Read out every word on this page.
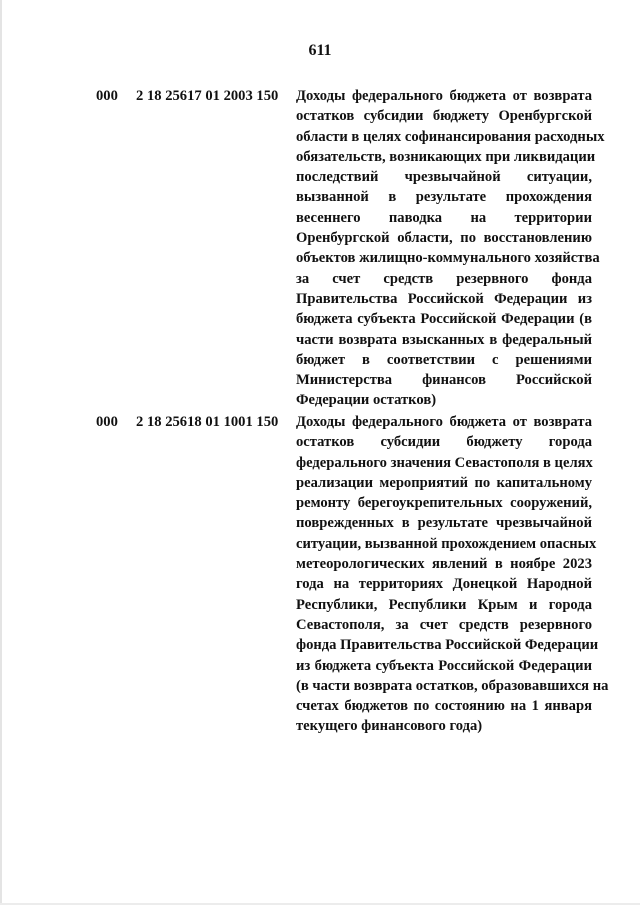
611
000 2 18 25617 01 2003 150 Доходы федерального бюджета от возврата
остатков субсидии бюджету Оренбургской
области в целях софинансирования расходных
обязательств, возникающих при ликвидации
последствий чрезвычайной ситуации,
вызванной в результате прохождения
весеннего паводка на территории
Оренбургской области, по восстановлению
объектов жилищно-коммунального хозяйства
за счет средств резервного фонда
Правительства Российской Федерации из
бюджета субъекта Российской Федерации (в
части возврата взысканных в федеральный
бюджет в соответствии с решениями
Министерства финансов Российской
Федерации остатков)
000 2 18 25618 01 1001 150 Доходы федерального бюджета от возврата
остатков субсидии бюджету города
федерального значения Севастополя в целях
реализации мероприятий по капитальному
ремонту берегоукрепительных сооружений,
поврежденных в результате чрезвычайной
ситуации, вызванной прохождением опасных
метеорологических явлений в ноябре 2023
года на территориях Донецкой Народной
Республики, Республики Крым и города
Севастополя, за счет средств резервного
фонда Правительства Российской Федерации
из бюджета субъекта Российской Федерации
(в части возврата остатков, образовавшихся на
счетах бюджетов по состоянию на 1 января
текущего финансового года)
